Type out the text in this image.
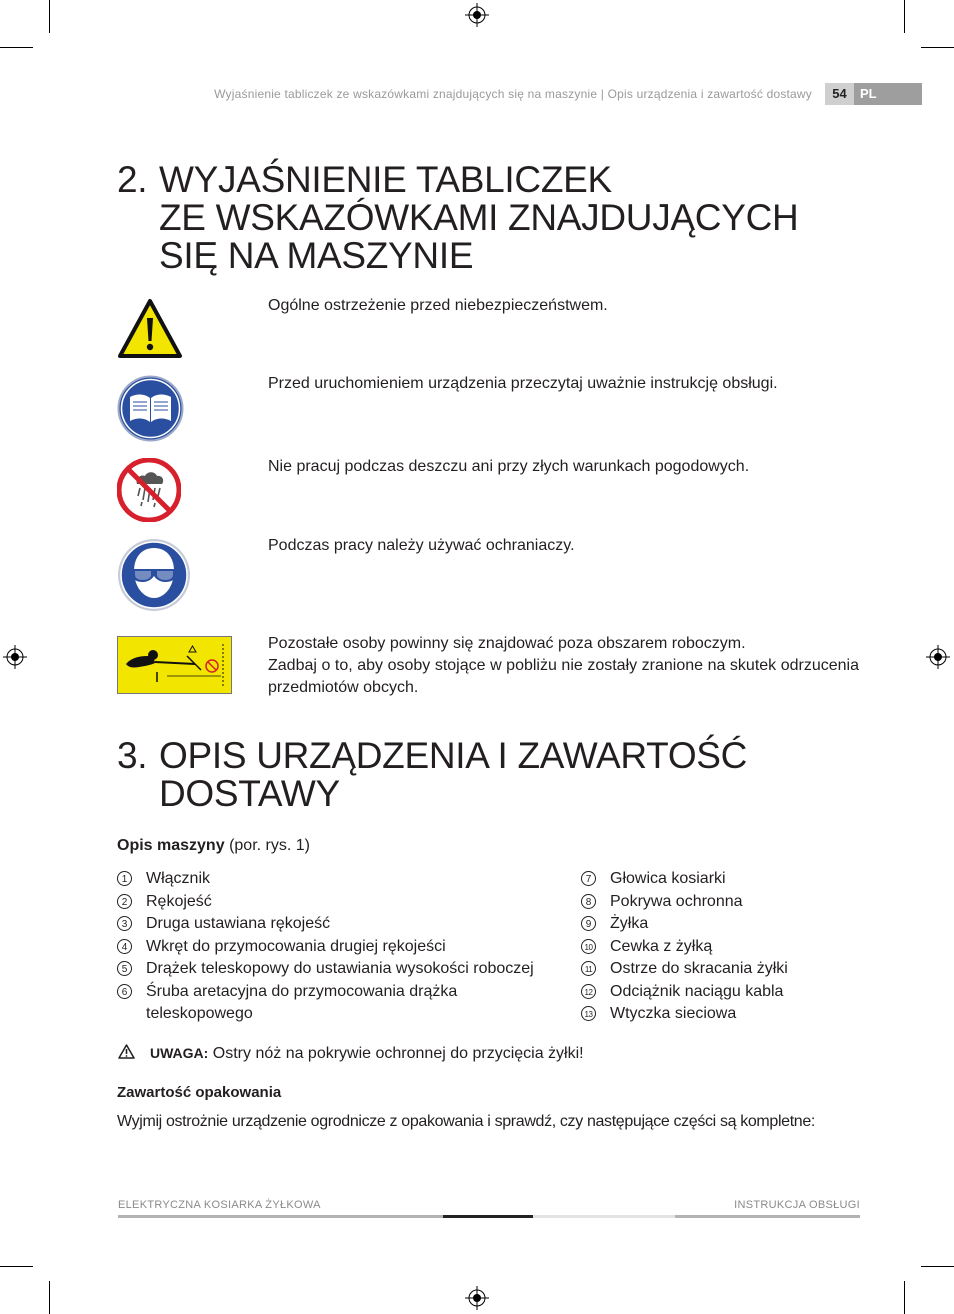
Wyjaśnienie tabliczek ze wskazówkami znajdujących się na maszynie | Opis urządzenia i zawartość dostawy	54	PL
2. WYJAŚNIENIE TABLICZEK
ZE WSKAZÓWKAMI ZNAJDUJĄCYCH
SIĘ NA MASZYNIE
Ogólne ostrzeżenie przed niebezpieczeństwem.
Przed uruchomieniem urządzenia przeczytaj uważnie instrukcję obsługi.
Nie pracuj podczas deszczu ani przy złych warunkach pogodowych.
Podczas pracy należy używać ochraniaczy.
Pozostałe osoby powinny się znajdować poza obszarem roboczym.
Zadbaj o to, aby osoby stojące w pobliżu nie zostały zranione na skutek odrzucenia przedmiotów obcych.
3. OPIS URZĄDZENIA I ZAWARTOŚĆ
DOSTAWY
Opis maszyny (por. rys. 1)
1 Włącznik
2 Rękojeść
3 Druga ustawiana rękojeść
4 Wkręt do przymocowania drugiej rękojeści
5 Drążek teleskopowy do ustawiania wysokości roboczej
6 Śruba aretacyjna do przymocowania drążka
teleskopowego
7 Głowica kosiarki
8 Pokrywa ochronna
9 Żyłka
10 Cewka z żyłką
11 Ostrze do skracania żyłki
12 Odciążnik naciągu kabla
13 Wtyczka sieciowa
UWAGA: Ostry nóż na pokrywie ochronnej do przycięcia żyłki!
Zawartość opakowania
Wyjmij ostrożnie urządzenie ogrodnicze z opakowania i sprawdź, czy następujące części są kompletne:
ELEKTRYCZNA KOSIARKA ŻYŁKOWA	INSTRUKCJA OBSŁUGI
